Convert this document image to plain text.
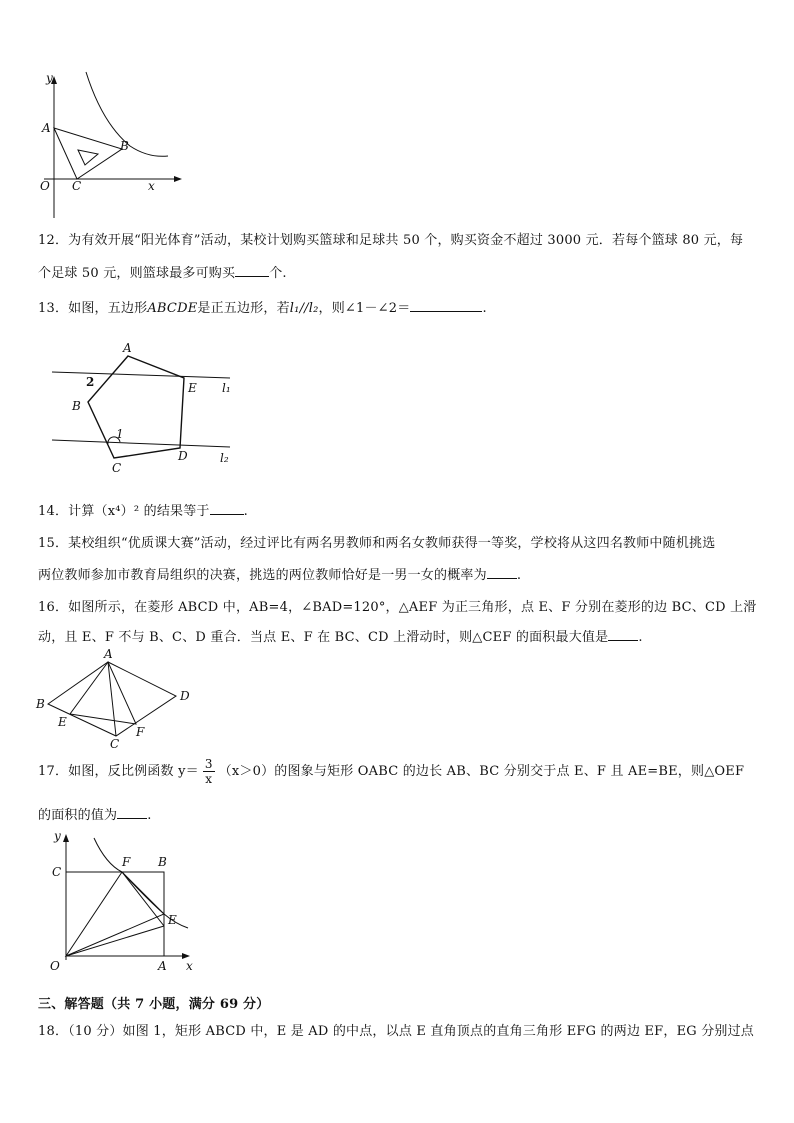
y
x
O
A
B
C
12．为有效开展“阳光体育”活动，某校计划购买篮球和足球共 50 个，购买资金不超过 3000 元．若每个篮球 80 元，每
个足球 50 元，则篮球最多可购买	个.
13．如图，五边形ABCDE是正五边形，若l₁//l₂，则∠1－∠2＝	.
A
E
B
C
D
1
2	l₁
l₂
14．计算（x⁴）² 的结果等于	.
15．某校组织“优质课大赛”活动，经过评比有两名男教师和两名女教师获得一等奖，学校将从这四名教师中随机挑选
两位教师参加市教育局组织的决赛，挑选的两位教师恰好是一男一女的概率为 .
16．如图所示，在菱形 ABCD 中，AB=4，∠BAD=120°，△AEF 为正三角形，点 E、F 分别在菱形的边 BC、CD 上滑
动，且 E、F 不与 B、C、D 重合．当点 E、F 在 BC、CD 上滑动时，则△CEF 的面积最大值是 .
A
B
C
D
E
F
17．如图，反比例函数 $y= \frac{3}{x} (x>0)$的图象与矩形 OABC 的边长 AB、BC 分别交于点 E、F 且 AE=BE，则△OEF
的面积的值为 .
y
x
O	A
B
C
E
F
三、解答题（共 7 小题，满分 69 分）
18．（10 分）如图 1，矩形 ABCD 中，E 是 AD 的中点，以点 E 直角顶点的直角三角形 EFG 的两边 EF，EG 分别过点
